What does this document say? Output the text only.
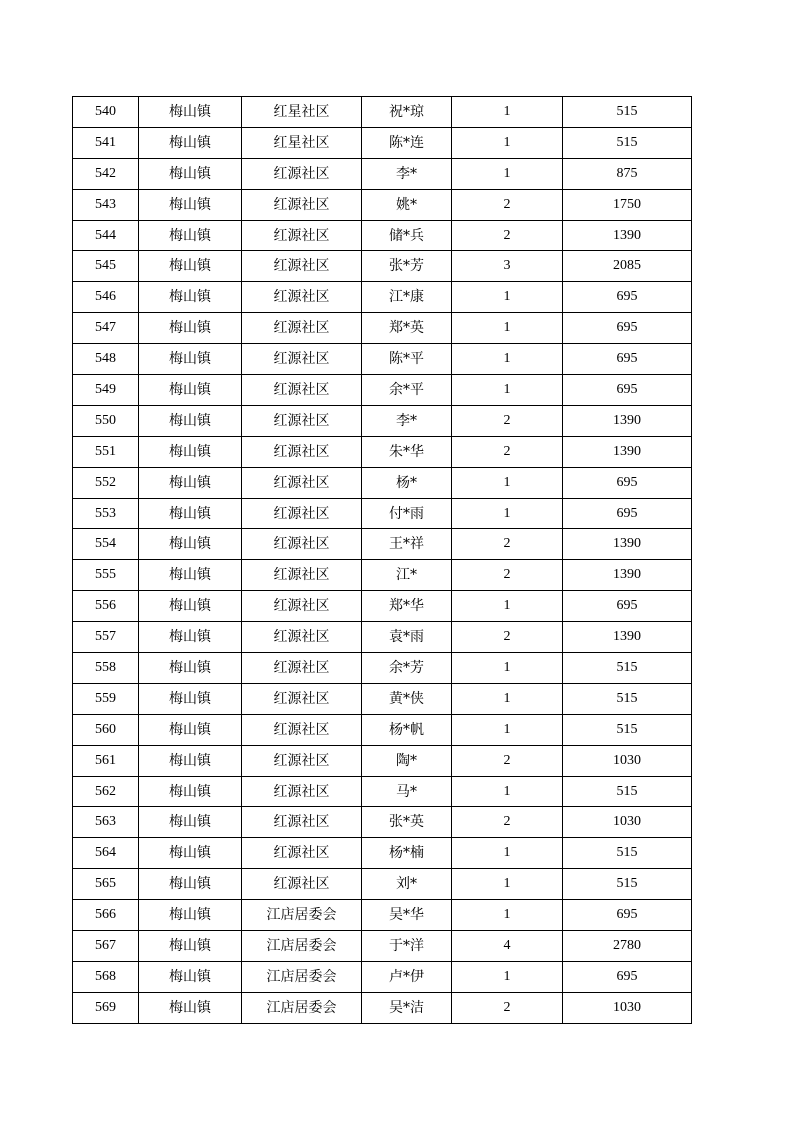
540	梅山镇	红星社区	祝*琼	1	515
541	梅山镇	红星社区	陈*连	1	515
542	梅山镇	红源社区	李*	1	875
543	梅山镇	红源社区	姚*	2	1750
544	梅山镇	红源社区	储*兵	2	1390
545	梅山镇	红源社区	张*芳	3	2085
546	梅山镇	红源社区	江*康	1	695
547	梅山镇	红源社区	郑*英	1	695
548	梅山镇	红源社区	陈*平	1	695
549	梅山镇	红源社区	余*平	1	695
550	梅山镇	红源社区	李*	2	1390
551	梅山镇	红源社区	朱*华	2	1390
552	梅山镇	红源社区	杨*	1	695
553	梅山镇	红源社区	付*雨	1	695
554	梅山镇	红源社区	王*祥	2	1390
555	梅山镇	红源社区	江*	2	1390
556	梅山镇	红源社区	郑*华	1	695
557	梅山镇	红源社区	袁*雨	2	1390
558	梅山镇	红源社区	余*芳	1	515
559	梅山镇	红源社区	黄*侠	1	515
560	梅山镇	红源社区	杨*帆	1	515
561	梅山镇	红源社区	陶*	2	1030
562	梅山镇	红源社区	马*	1	515
563	梅山镇	红源社区	张*英	2	1030
564	梅山镇	红源社区	杨*楠	1	515
565	梅山镇	红源社区	刘*	1	515
566	梅山镇	江店居委会	吴*华	1	695
567	梅山镇	江店居委会	于*洋	4	2780
568	梅山镇	江店居委会	卢*伊	1	695
569	梅山镇	江店居委会	吴*洁	2	1030
